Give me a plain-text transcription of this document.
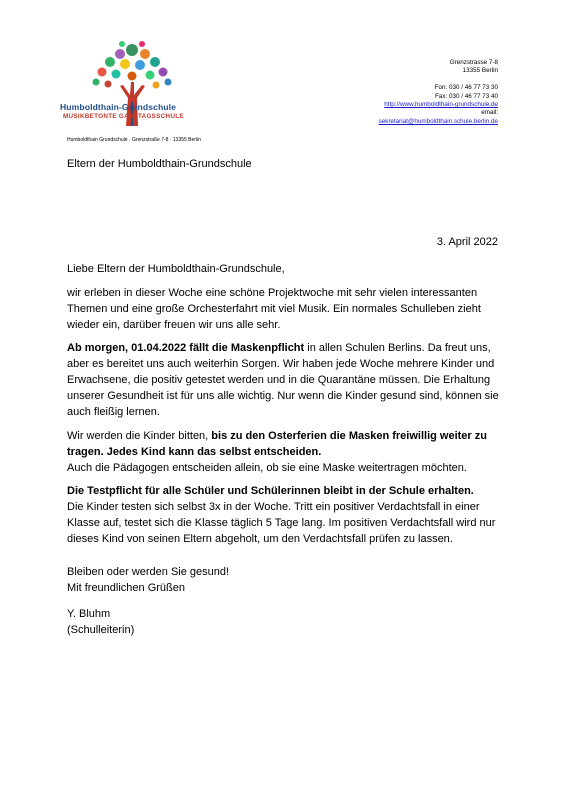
Humboldthain-Grundschule
MUSIKBETONTE GANZTAGSSCHULE
Grenzstrasse 7-8
13355 Berlin
Fon: 030 / 46 77 73 30
Fax: 030 / 46 77 73 40
http://www.humboldthain-grundschule.de
email:
sekretariat@humboldthain.schule.berlin.de
Humboldthain Grundschule · Grenzstraße 7-8 · 13355 Berlin
Eltern der Humboldthain-Grundschule
3. April 2022

Liebe Eltern der Humboldthain-Grundschule,

wir erleben in dieser Woche eine schöne Projektwoche mit sehr vielen interessanten Themen und eine große Orchesterfahrt mit viel Musik. Ein normales Schulleben zieht wieder ein, darüber freuen wir uns alle sehr.

Ab morgen, 01.04.2022 fällt die Maskenpflicht in allen Schulen Berlins. Da freut uns, aber es bereitet uns auch weiterhin Sorgen. Wir haben jede Woche mehrere Kinder und Erwachsene, die positiv getestet werden und in die Quarantäne müssen. Die Erhaltung unserer Gesundheit ist für uns alle wichtig. Nur wenn die Kinder gesund sind, können sie auch fleißig lernen.

Wir werden die Kinder bitten, bis zu den Osterferien die Masken freiwillig weiter zu tragen. Jedes Kind kann das selbst entscheiden.

Auch die Pädagogen entscheiden allein, ob sie eine Maske weitertragen möchten.

Die Testpflicht für alle Schüler und Schülerinnen bleibt in der Schule erhalten.
Die Kinder testen sich selbst 3x in der Woche. Tritt ein positiver Verdachtsfall in einer Klasse auf, testet sich die Klasse täglich 5 Tage lang. Im positiven Verdachtsfall wird nur dieses Kind von seinen Eltern abgeholt, um den Verdachtsfall prüfen zu lassen.

Bleiben oder werden Sie gesund!
Mit freundlichen Grüßen

Y. Bluhm
(Schulleiterin)
